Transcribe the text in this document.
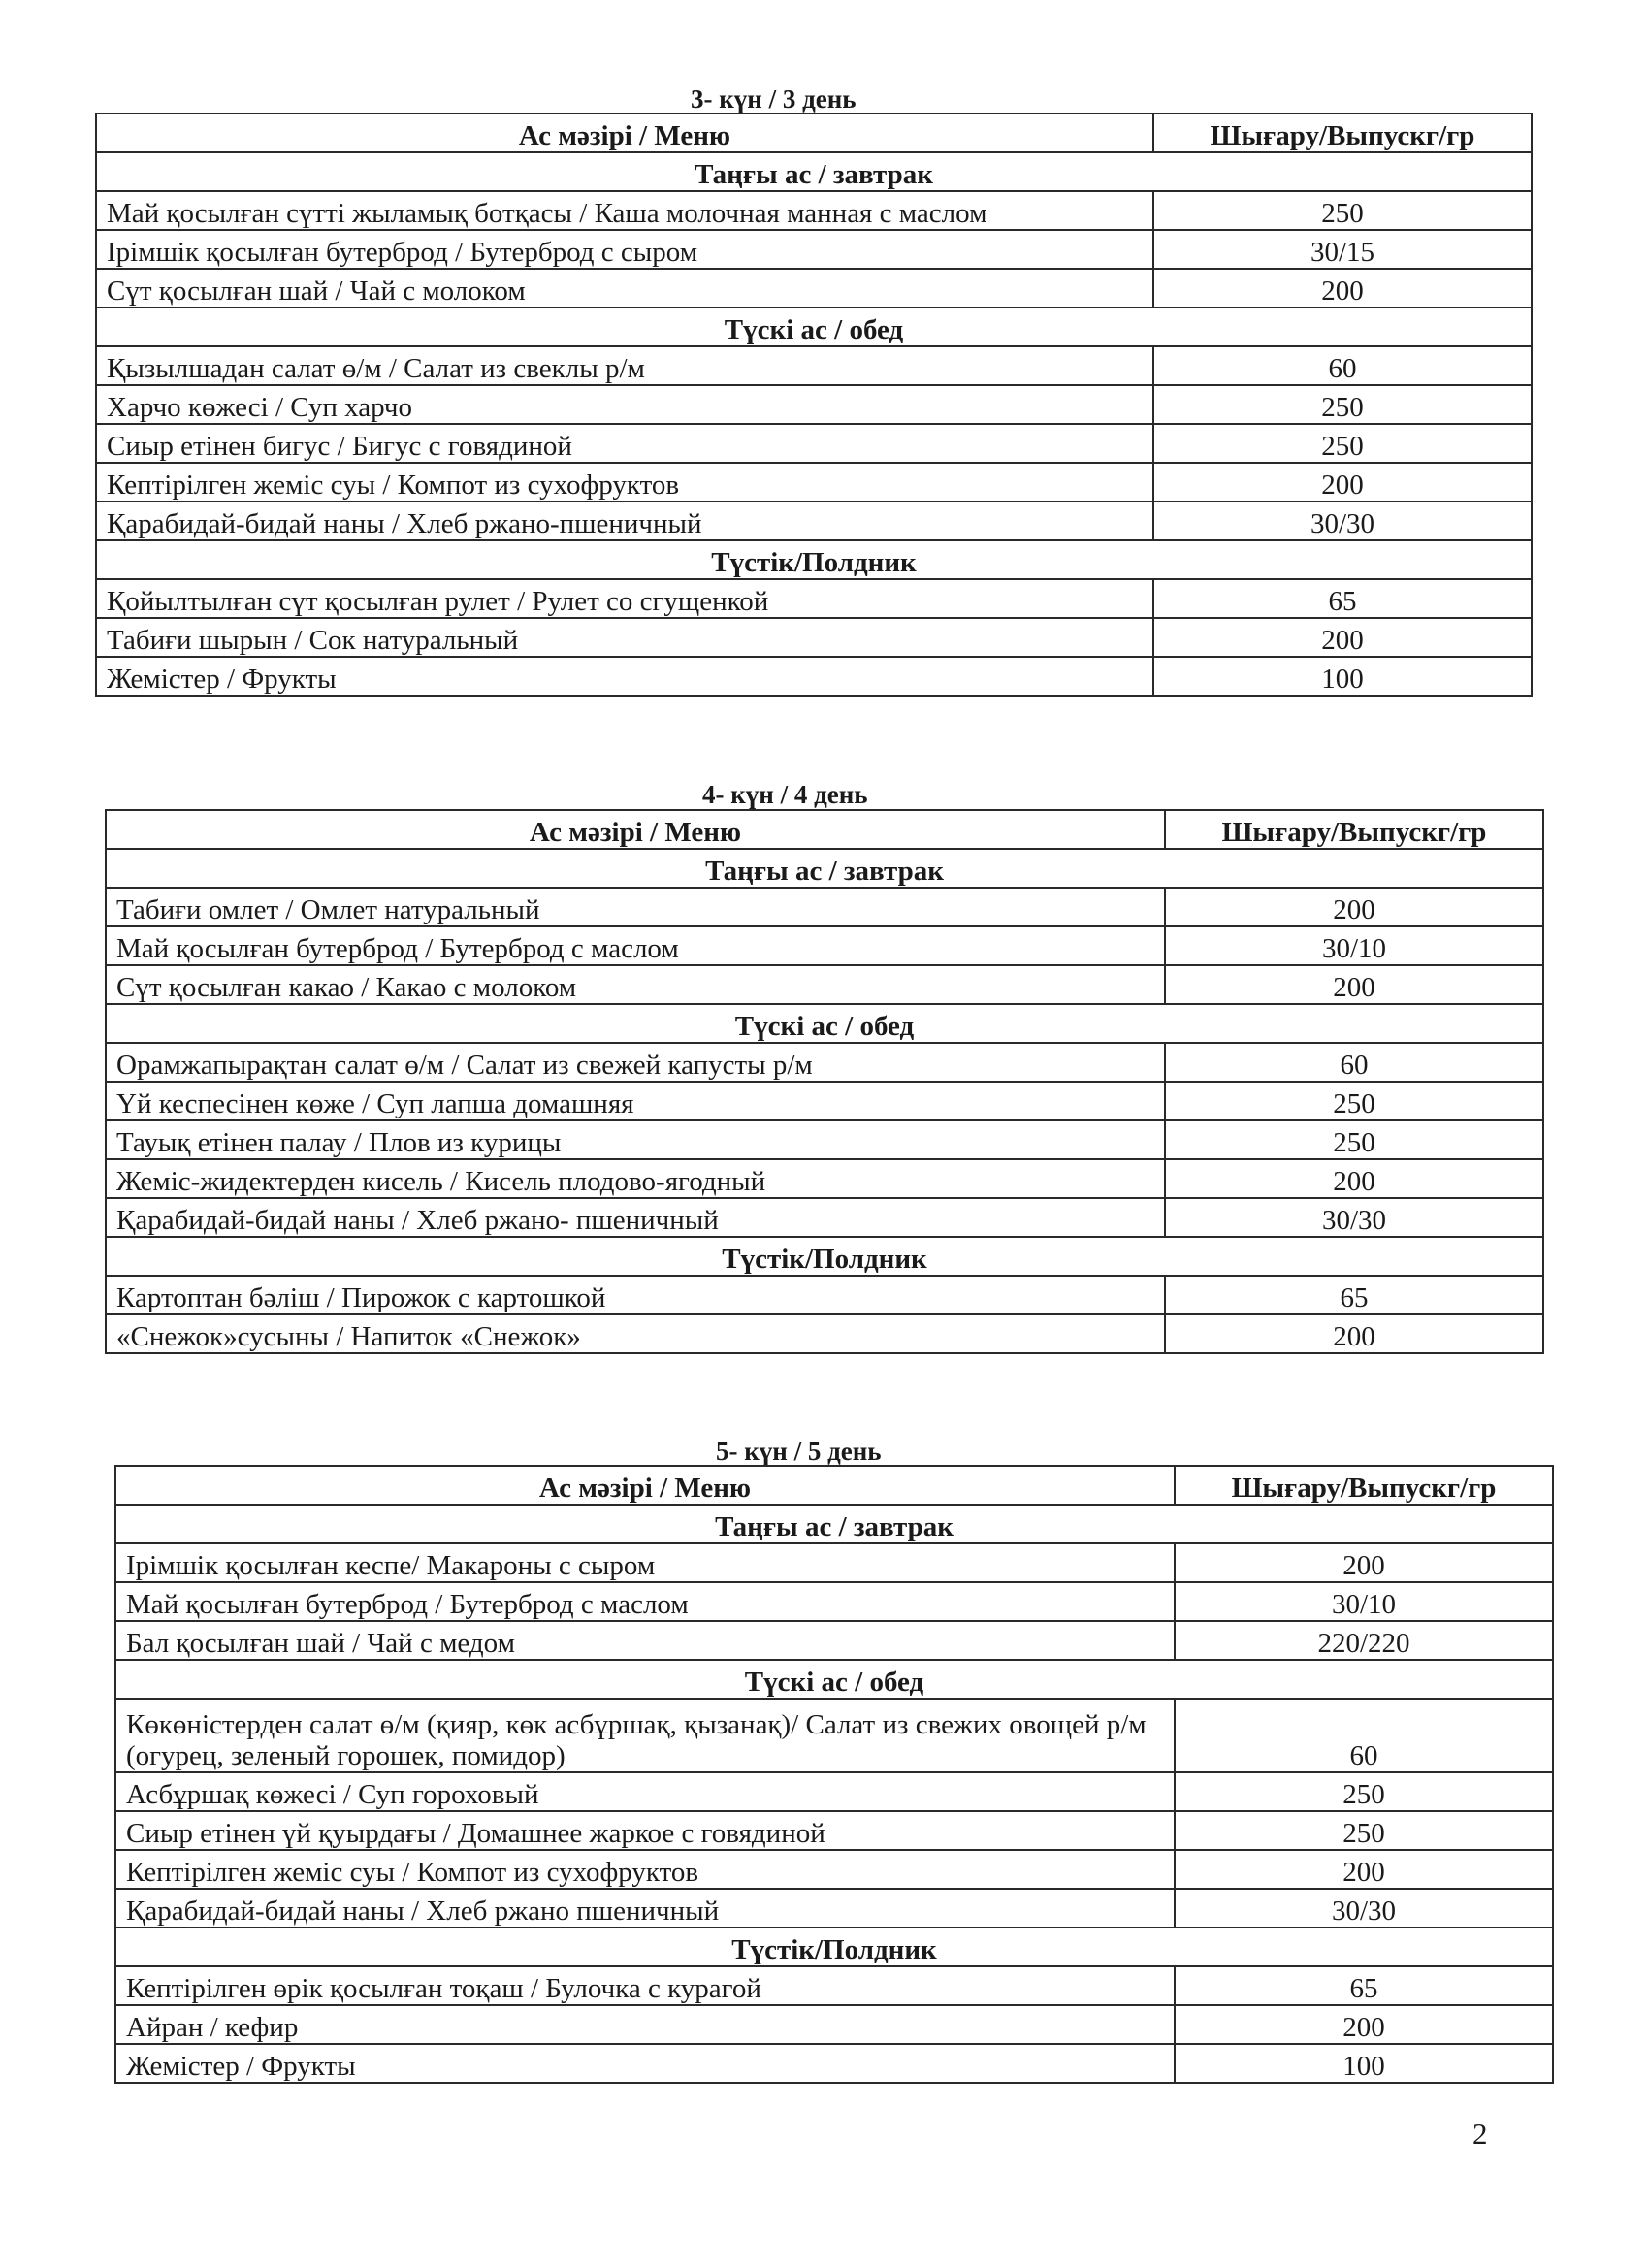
3- күн / 3 день
Ас мәзірі / Меню	Шығару/Выпускг/гр
Таңғы ас / завтрак	
Май қосылған сүтті жыламық ботқасы / Каша молочная манная с маслом	250
Ірімшік қосылған бутерброд / Бутерброд с сыром	30/15
Сүт қосылған шай / Чай с молоком	200
Түскі ас / обед	
Қызылшадан салат ө/м / Салат из свеклы р/м	60
Харчо көжесі / Суп харчо	250
Сиыр етінен бигус / Бигус с говядиной	250
Кептірілген жеміс суы / Компот из сухофруктов	200
Қарабидай-бидай наны / Хлеб ржано-пшеничный	30/30
Түстік/Полдник	
Қойылтылған сүт қосылған рулет / Рулет со сгущенкой	65
Табиғи шырын / Сок натуральный	200
Жемістер / Фрукты	100
4- күн / 4 день
Ас мәзірі / Меню	Шығару/Выпускг/гр
Таңғы ас / завтрак	
Табиғи омлет / Омлет натуральный	200
Май қосылған бутерброд / Бутерброд с маслом	30/10
Сүт қосылған какао / Какао с молоком	200
Түскі ас / обед	
Орамжапырақтан салат ө/м / Салат из свежей капусты р/м	60
Үй кеспесінен көже / Суп лапша домашняя	250
Тауық етінен палау / Плов из курицы	250
Жеміс-жидектерден кисель / Кисель плодово-ягодный	200
Қарабидай-бидай наны / Хлеб ржано- пшеничный	30/30
Түстік/Полдник	
Картоптан бәліш / Пирожок с картошкой	65
«Снежок»сусыны / Напиток «Снежок»	200
5- күн / 5 день
Ас мәзірі / Меню	Шығару/Выпускг/гр
Таңғы ас / завтрак	
Ірімшік қосылған кеспе/ Макароны с сыром	200
Май қосылған бутерброд / Бутерброд с маслом	30/10
Бал қосылған шай / Чай с медом	220/220
Түскі ас / обед	
Көкөністерден салат ө/м (қияр, көк асбұршақ, қызанақ)/ Салат из свежих овощей р/м (огурец, зеленый горошек, помидор)	60
Асбұршақ көжесі / Суп гороховый	250
Сиыр етінен үй қуырдағы / Домашнее жаркое с говядиной	250
Кептірілген жеміс суы / Компот из сухофруктов	200
Қарабидай-бидай наны / Хлеб ржано пшеничный	30/30
Түстік/Полдник	
Кептірілген өрік қосылған тоқаш / Булочка с курагой	65
Айран / кефир	200
Жемістер / Фрукты	100
2
